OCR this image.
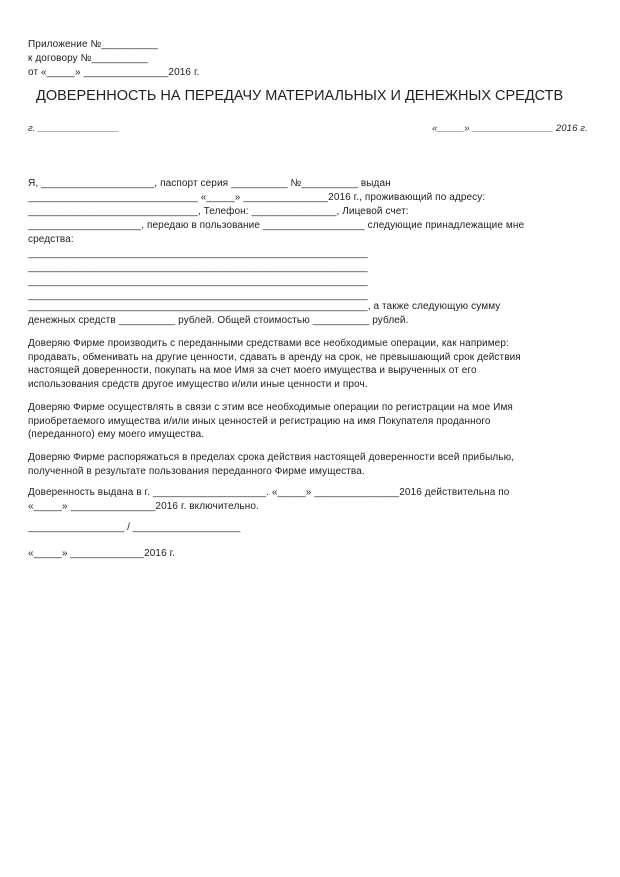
Приложение №__________
к договору №__________
от «_____» _______________2016 г.
ДОВЕРЕННОСТЬ НА ПЕРЕДАЧУ МАТЕРИАЛЬНЫХ И ДЕНЕЖНЫХ СРЕДСТВ
г. _______________	«_____» _______________ 2016 г.
Я, ____________________, паспорт серия __________ №__________ выдан
______________________________ «_____» _______________2016 г., проживающий по адресу:
______________________________, Телефон: _______________, Лицевой счет:
____________________, передаю в пользование __________________ следующие принадлежащие мне
средства:
____________________________________________________________
____________________________________________________________
____________________________________________________________
____________________________________________________________
____________________________________________________________, а также следующую сумму
денежных средств __________ рублей. Общей стоимостью __________ рублей.
Доверяю Фирме производить с переданными средствами все необходимые операции, как например:
продавать, обменивать на другие ценности, сдавать в аренду на срок, не превышающий срок действия
настоящей доверенности, покупать на мое Имя за счет моего имущества и вырученных от его
использования средств другое имущество и/или иные ценности и проч.
Доверяю Фирме осуществлять в связи с этим все необходимые операции по регистрации на мое Имя
приобретаемого имущества и/или иных ценностей и регистрацию на имя Покупателя проданного
(переданного) ему моего имущества.
Доверяю Фирме распоряжаться в пределах срока действия настоящей доверенности всей прибылью,
полученной в результате пользования переданного Фирме имущества.
Доверенность выдана в г. ____________________. «_____» _______________2016 действительна по
«_____» _______________2016 г. включительно.
_________________ / ___________________
«_____» _____________2016 г.
